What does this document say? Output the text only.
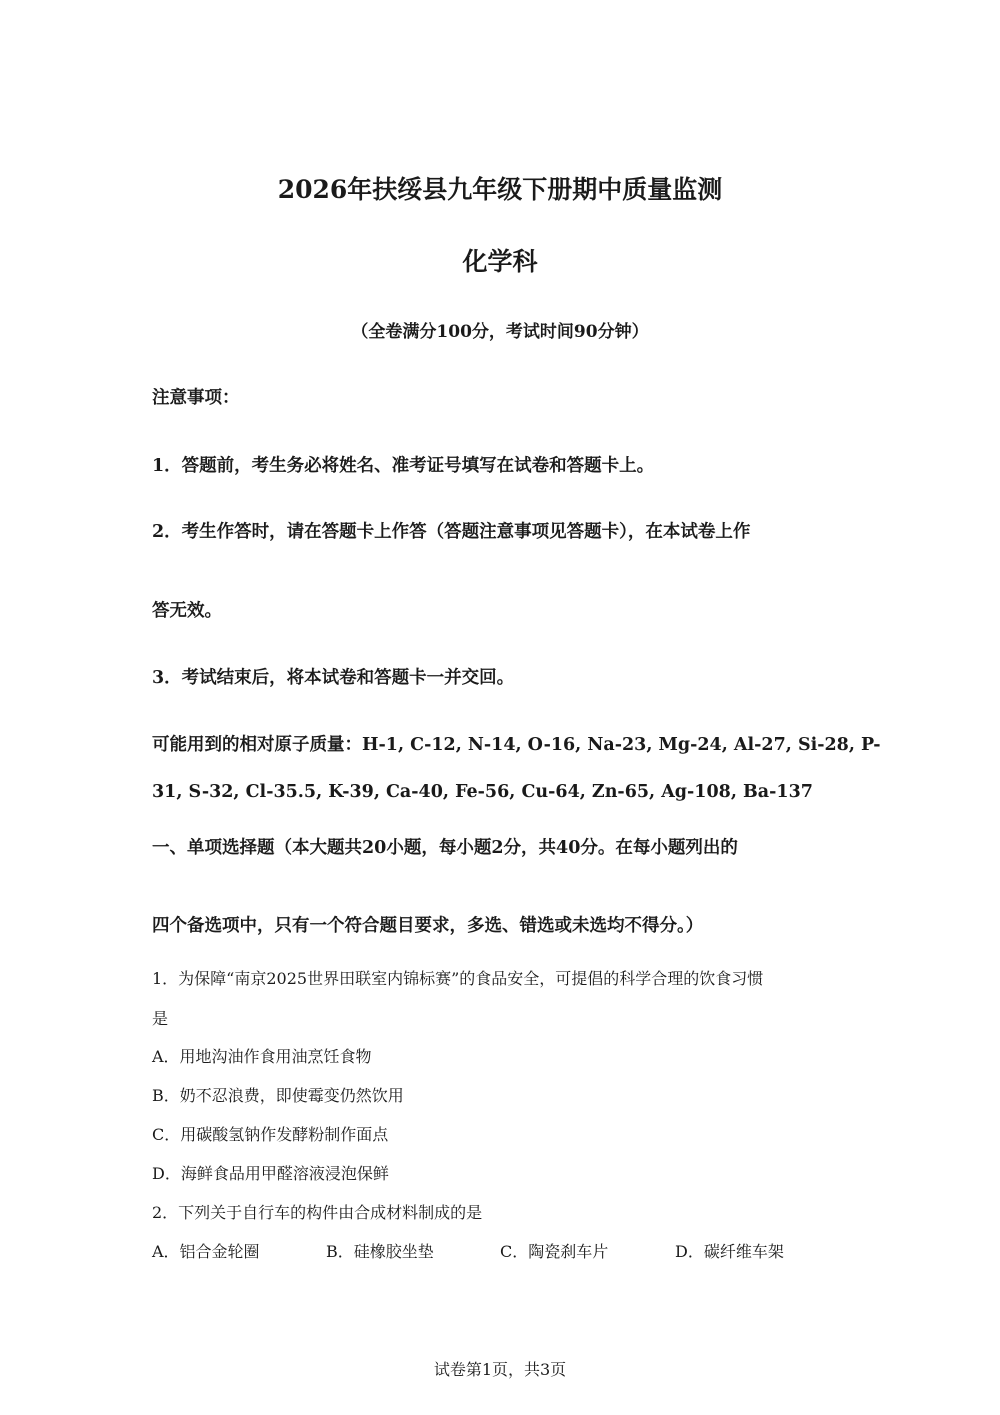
2026年扶绥县九年级下册期中质量监测
化学科
（全卷满分100分，考试时间90分钟）
注意事项：
1．答题前，考生务必将姓名、准考证号填写在试卷和答题卡上。
2．考生作答时，请在答题卡上作答（答题注意事项见答题卡），在本试卷上作
答无效。
3．考试结束后，将本试卷和答题卡一并交回。
可能用到的相对原子质量：H-1, C-12, N-14, O-16, Na-23, Mg-24, Al-27, Si-28, P-
31, S-32, Cl-35.5, K-39, Ca-40, Fe-56, Cu-64, Zn-65, Ag-108, Ba-137
一、单项选择题（本大题共20小题，每小题2分，共40分。在每小题列出的
四个备选项中，只有一个符合题目要求，多选、错选或未选均不得分。）
1．为保障“南京2025世界田联室内锦标赛”的食品安全，可提倡的科学合理的饮食习惯
是
A．用地沟油作食用油烹饪食物
B．奶不忍浪费，即使霉变仍然饮用
C．用碳酸氢钠作发酵粉制作面点
D．海鲜食品用甲醛溶液浸泡保鲜
2．下列关于自行车的构件由合成材料制成的是
A．铝合金轮圈	B．硅橡胶坐垫	C．陶瓷刹车片	D．碳纤维车架
试卷第1页，共3页
